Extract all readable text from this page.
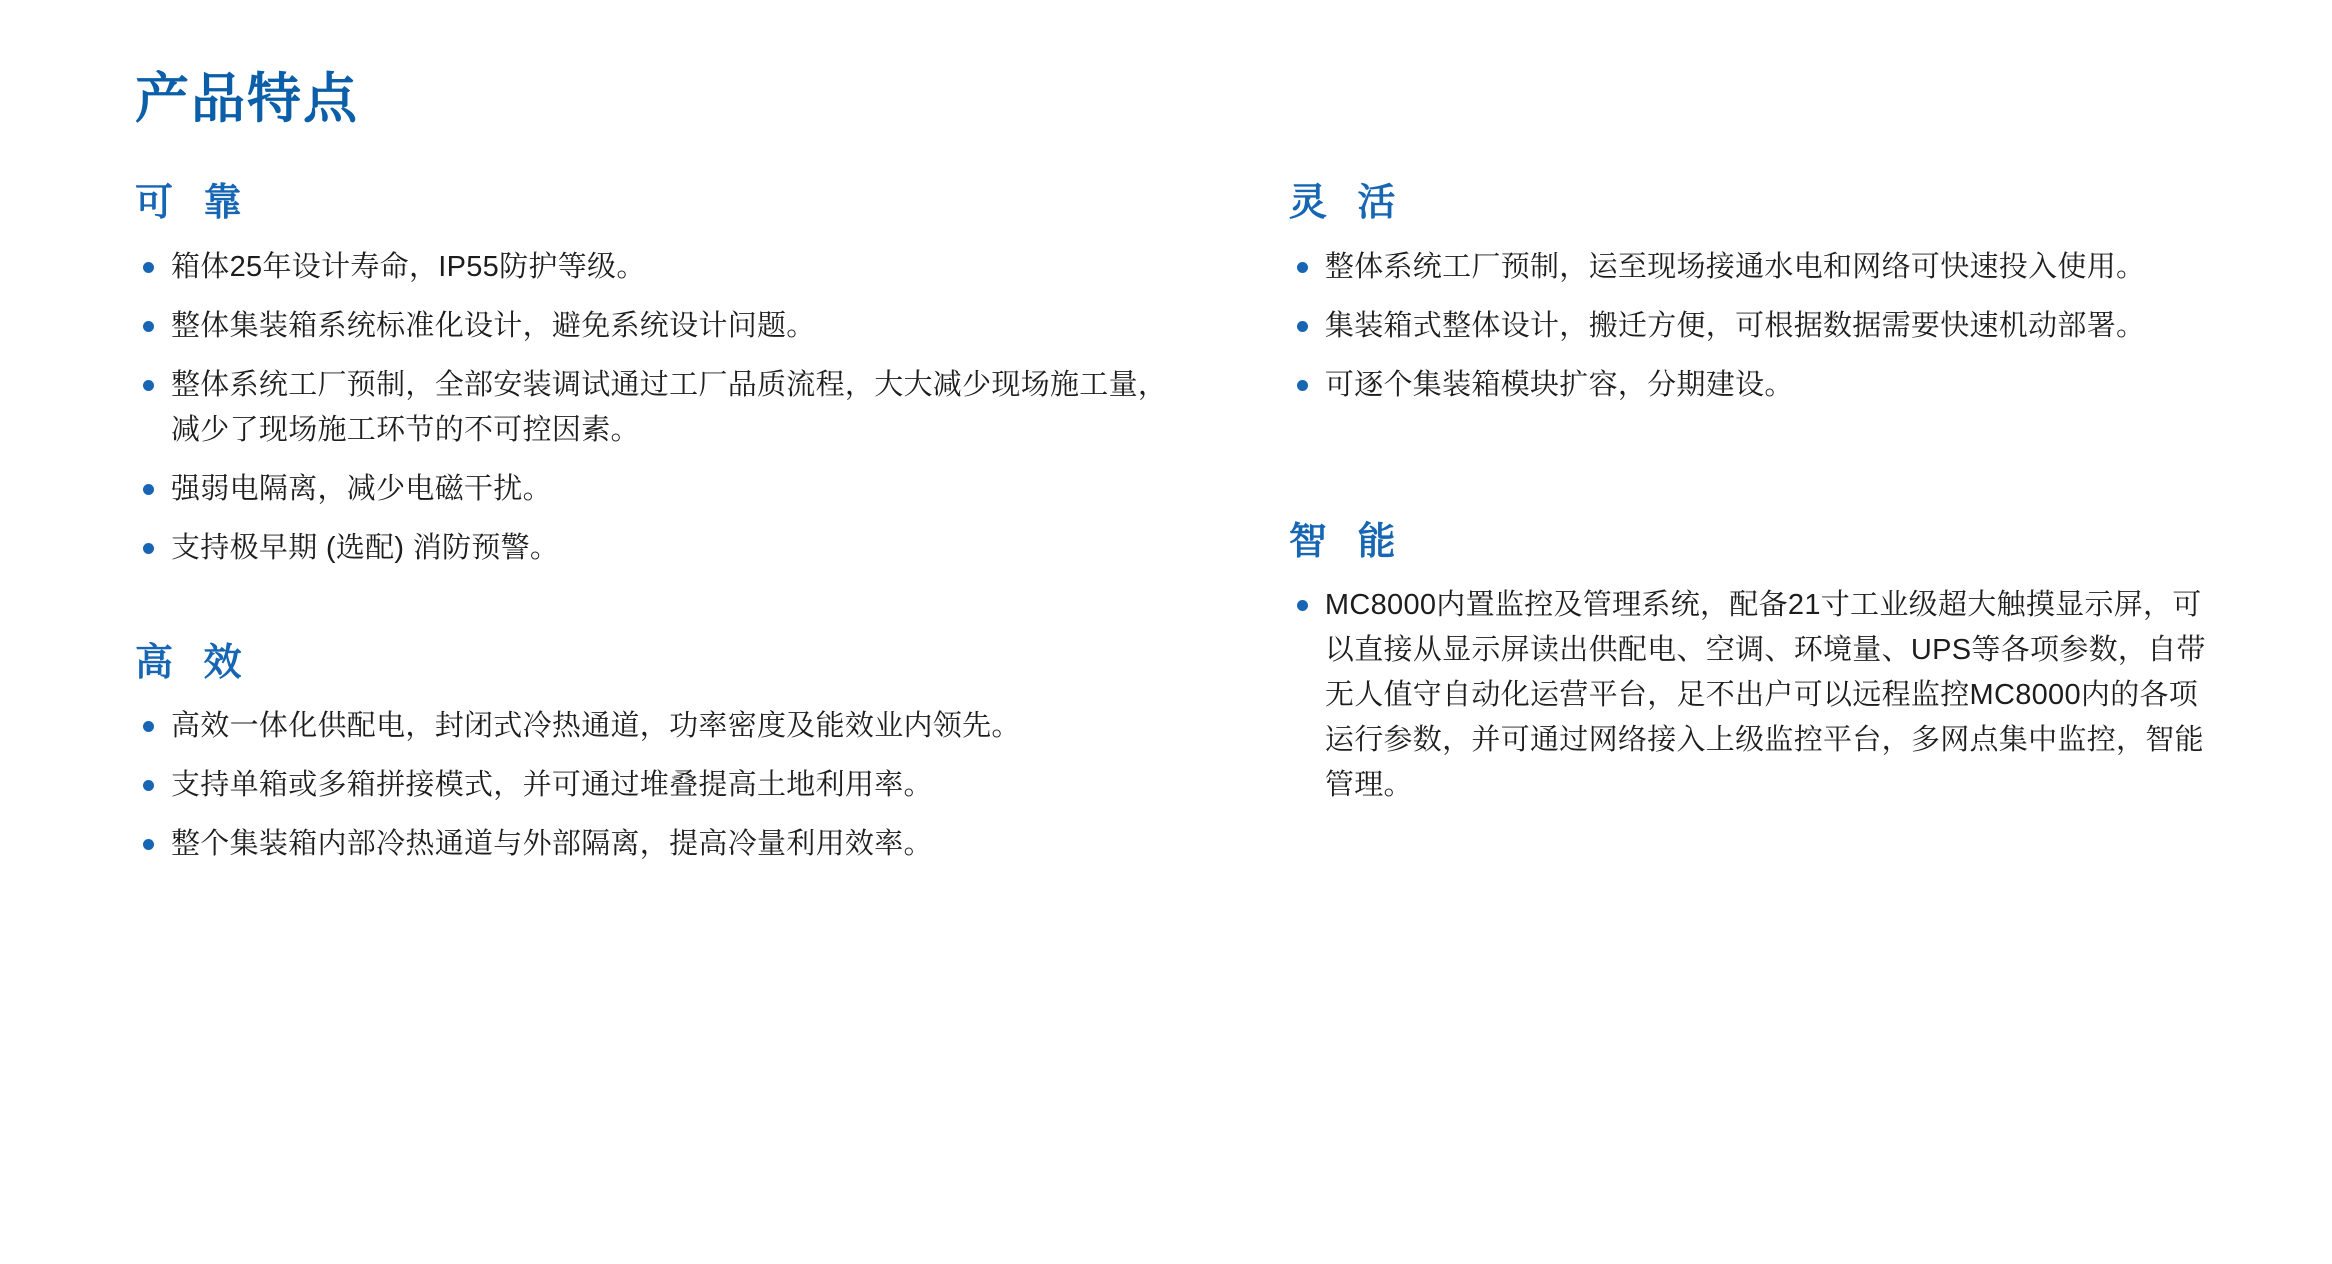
产品特点
可 靠
箱体25年设计寿命，IP55防护等级。
整体集装箱系统标准化设计，避免系统设计问题。
整体系统工厂预制，全部安装调试通过工厂品质流程，大大减少现场施工量，减少了现场施工环节的不可控因素。
强弱电隔离，减少电磁干扰。
支持极早期 (选配) 消防预警。
高 效
高效一体化供配电，封闭式冷热通道，功率密度及能效业内领先。
支持单箱或多箱拼接模式，并可通过堆叠提高土地利用率。
整个集装箱内部冷热通道与外部隔离，提高冷量利用效率。
灵 活
整体系统工厂预制，运至现场接通水电和网络可快速投入使用。
集装箱式整体设计，搬迁方便，可根据数据需要快速机动部署。
可逐个集装箱模块扩容，分期建设。
智 能
MC8000内置监控及管理系统，配备21寸工业级超大触摸显示屏，可以直接从显示屏读出供配电、空调、环境量、UPS等各项参数，自带无人值守自动化运营平台，足不出户可以远程监控MC8000内的各项运行参数，并可通过网络接入上级监控平台，多网点集中监控，智能管理。
